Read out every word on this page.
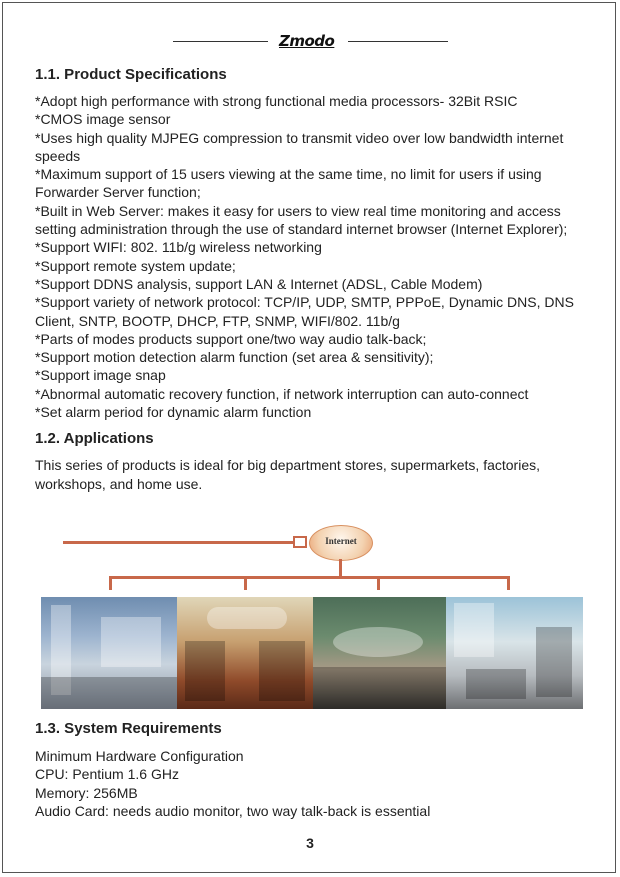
Zmodo
1.1. Product Specifications
*Adopt high performance with strong functional media processors- 32Bit RSIC
*CMOS image sensor
*Uses high quality MJPEG compression to transmit video over low bandwidth internet speeds
*Maximum support of 15 users viewing at the same time, no limit for users if using Forwarder Server function;
*Built in Web Server: makes it easy for users to view real time monitoring and access setting administration through the use of standard internet browser (Internet Explorer);
*Support WIFI: 802. 11b/g wireless networking
*Support remote system update;
*Support DDNS analysis, support LAN & Internet (ADSL, Cable Modem)
*Support variety of network protocol: TCP/IP, UDP, SMTP, PPPoE, Dynamic DNS, DNS Client, SNTP, BOOTP, DHCP, FTP, SNMP, WIFI/802. 11b/g
*Parts of modes products support one/two way audio talk-back;
*Support motion detection alarm function (set area & sensitivity);
*Support image snap
*Abnormal automatic recovery function, if network interruption can auto-connect
*Set alarm period for dynamic alarm function
1.2. Applications

This series of products is ideal for big department stores, supermarkets, factories, workshops, and home use.

Internet
1.3. System Requirements
Minimum Hardware Configuration
CPU: Pentium 1.6 GHz
Memory: 256MB
Audio Card: needs audio monitor, two way talk-back is essential
3
